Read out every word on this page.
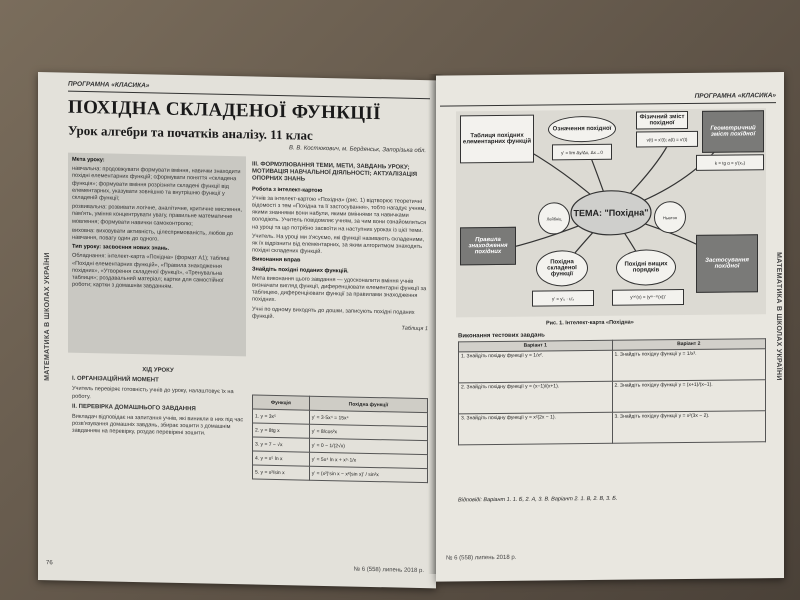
ПРОГРАМНА «КЛАСИКА»
МАТЕМАТИКА В ШКОЛАХ УКРАЇНИ
ПОХІДНА СКЛАДЕНОЇ ФУНКЦІЇ
Урок алгебри та початків аналізу. 11 клас
В. В. Костюкович, м. Бердянськ, Запорізька обл.

Мета уроку:

навчальна: продовжувати формувати вміння, навички знаходити похідні елементарних функцій; сформувати поняття «складена функція»; формувати вміння розрізняти складені функції від елементарних, указувати зовнішню та внутрішню функції у складеній функції;

розвивальна: розвивати логічне, аналітичне, критичне мислення, пам'ять, уміння концентрувати увагу, правильне математичне мовлення; формувати навички самоконтролю;

виховна: виховувати активність, цілеспрямованість, любов до навчання, повагу один до одного.

Тип уроку: засвоєння нових знань.

Обладнання: інтелект-карта «Похідна» (формат А1); таблиці «Похідні елементарних функцій», «Правила знаходження похідних», «Утворення складеної функції», «Тренувальна таблиця»; роздавальний матеріал; картки для самостійної роботи; картки з домашнім завданням.

ХІД УРОКУ
І. ОРГАНІЗАЦІЙНИЙ МОМЕНТ

Учитель перевіряє готовність учнів до уроку, налаштовує їх на роботу.

ІІ. ПЕРЕВІРКА ДОМАШНЬОГО ЗАВДАННЯ

Викладач відповідає на запитання учнів, які виникли в них під час розв'язування домашніх завдань, збирає зошити з домашнім завданням на перевірку, роздає перевірені зошити.

ІІІ. ФОРМУЛЮВАННЯ ТЕМИ, МЕТИ, ЗАВДАНЬ УРОКУ; МОТИВАЦІЯ НАВЧАЛЬНОЇ ДІЯЛЬНОСТІ; АКТУАЛІЗАЦІЯ ОПОРНИХ ЗНАНЬ

Робота з інтелект-картою

Учнів за інтелект-картою «Похідна» (рис. 1) відтворює теоретичні відомості з тем «Похідна та її застосування», тобто нагадує учням, якими знаннями вони набули, якими вміннями та навичками володіють. Учитель повідомляє учням, за чим вони ознайомляться на уроці та що потрібно засвоїти на наступних уроках із цієї теми.

Учитель. На уроці ми з'ясуємо, які функції називають складеними, як їх відрізнити від елементарних, за яким алгоритмом знаходять похідні складених функцій.

Виконання вправ

Знайдіть похідні поданих функцій.

Мета виконання цього завдання — удосконалити вміння учнів визначати вигляд функції, диференціювати елементарні функції за таблицею, диференціювати функції за правилами знаходження похідних.

Учні по одному виходять до дошки, записують похідні поданих функцій.

Таблиця 1

Функція	Похідна функції
1. y = 3x⁵	y' = 3·5x⁴ = 15x⁴
2. y = 8tg x	y' = 8/cos²x
3. y = 7 − √x	y' = 0 − 1/(2√x)
4. y = x⁵ ln x	y' = 5x⁴ ln x + x⁵·1/x
5. y = x²/sin x	y' = (x²)'sin x − x²(sin x)' / sin²x
76
№ 6 (558) липень 2018 р.
ПРОГРАМНА «КЛАСИКА»
МАТЕМАТИКА В ШКОЛАХ УКРАЇНИ
ТЕМА: "Похідна"
Таблиця похідних елементарних функцій
Означення похідної
y' = lim Δy/Δx, Δx→0
Фізичний зміст похідної
v(t) = x'(t); a(t) = v'(t)
Геометричний зміст похідної
k = tg α = y'(x₀)
Правила знаходження похідних
Похідна складеної функції
y' = y'ᵤ · u'ₓ
Похідні вищих порядків
y⁽ⁿ⁾(x) = (y⁽ⁿ⁻¹⁾(x))'
Застосування похідної
Лейбніц	Ньютон
Рис. 1. Інтелект-карта «Похідна»
Виконання тестових завдань
Варіант 1	Варіант 2
1. Знайдіть похідну функції y = 1/x².	1. Знайдіть похідну функції y = 1/x³.
2. Знайдіть похідну функції y = (x−1)/(x+1).	2. Знайдіть похідну функції y = (x+1)/(x−1).
3. Знайдіть похідну функції y = x²(2x − 1).	3. Знайдіть похідну функції y = x²(3x − 2).
Відповіді: Варіант 1. 1. Б, 2. А, 3. В. Варіант 2. 1. В, 2. В, 3. Б.
№ 6 (558) липень 2018 р.
